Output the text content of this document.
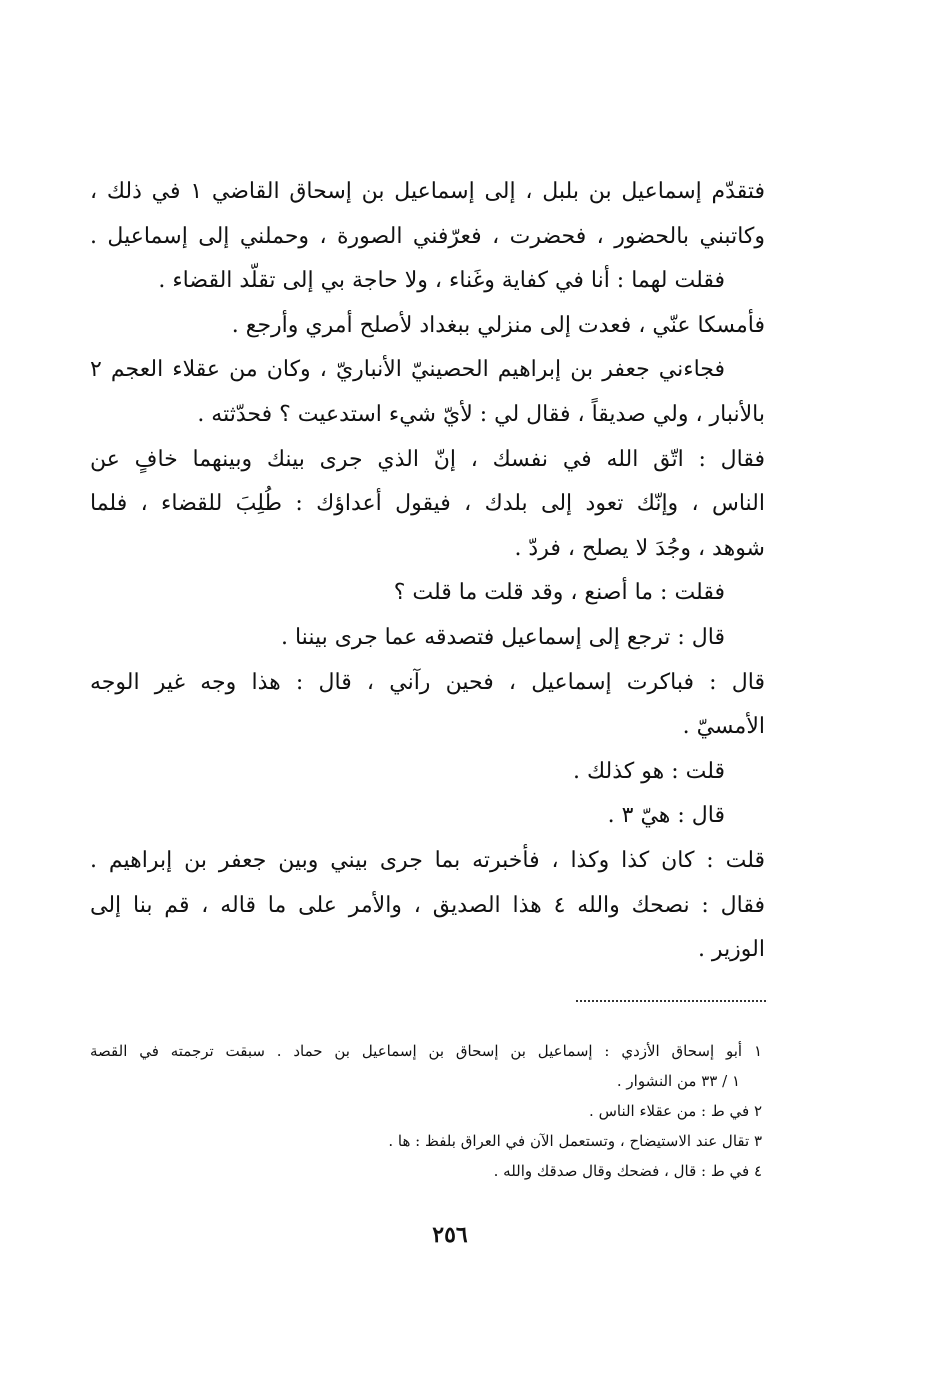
فتقدّم إسماعيل بن بلبل ، إلى إسماعيل بن إسحاق القاضي ١ في ذلك ،
وكاتبني بالحضور ، فحضرت ، فعرّفني الصورة ، وحملني إلى إسماعيل .
فقلت لهما : أنا في كفاية وغَناء ، ولا حاجة بي إلى تقلّد القضاء .
فأمسكا عنّي ، فعدت إلى منزلي ببغداد لأصلح أمري وأرجع .
فجاءني جعفر بن إبراهيم الحصينيّ الأنباريّ ، وكان من عقلاء العجم ٢
بالأنبار ، ولي صديقاً ، فقال لي : لأيّ شيء استدعيت ؟ فحدّثته .
فقال : اتّق الله في نفسك ، إنّ الذي جرى بينك وبينهما خافٍ عن
الناس ، وإنّك تعود إلى بلدك ، فيقول أعداؤك : طُلِبَ للقضاء ، فلما
شوهد ، وجُدَ لا يصلح ، فردّ .
فقلت : ما أصنع ، وقد قلت ما قلت ؟
قال : ترجع إلى إسماعيل فتصدقه عما جرى بيننا .
قال : فباكرت إسماعيل ، فحين رآني ، قال : هذا وجه غير الوجه
الأمسيّ .
قلت : هو كذلك .
قال : هيّ ٣ .
قلت : كان كذا وكذا ، فأخبرته بما جرى بيني وبين جعفر بن إبراهيم .
فقال : نصحك والله ٤ هذا الصديق ، والأمر على ما قاله ، قم بنا إلى
الوزير .
١ أبو إسحاق الأزدي : إسماعيل بن إسحاق بن إسماعيل بن حماد . سبقت ترجمته في القصة
١ / ٣٣ من النشوار .
٢ في ط : من عقلاء الناس .
٣ تقال عند الاستيضاح ، وتستعمل الآن في العراق بلفظ : ها .
٤ في ط : قال ، فضحك وقال صدقك والله .
٢٥٦
